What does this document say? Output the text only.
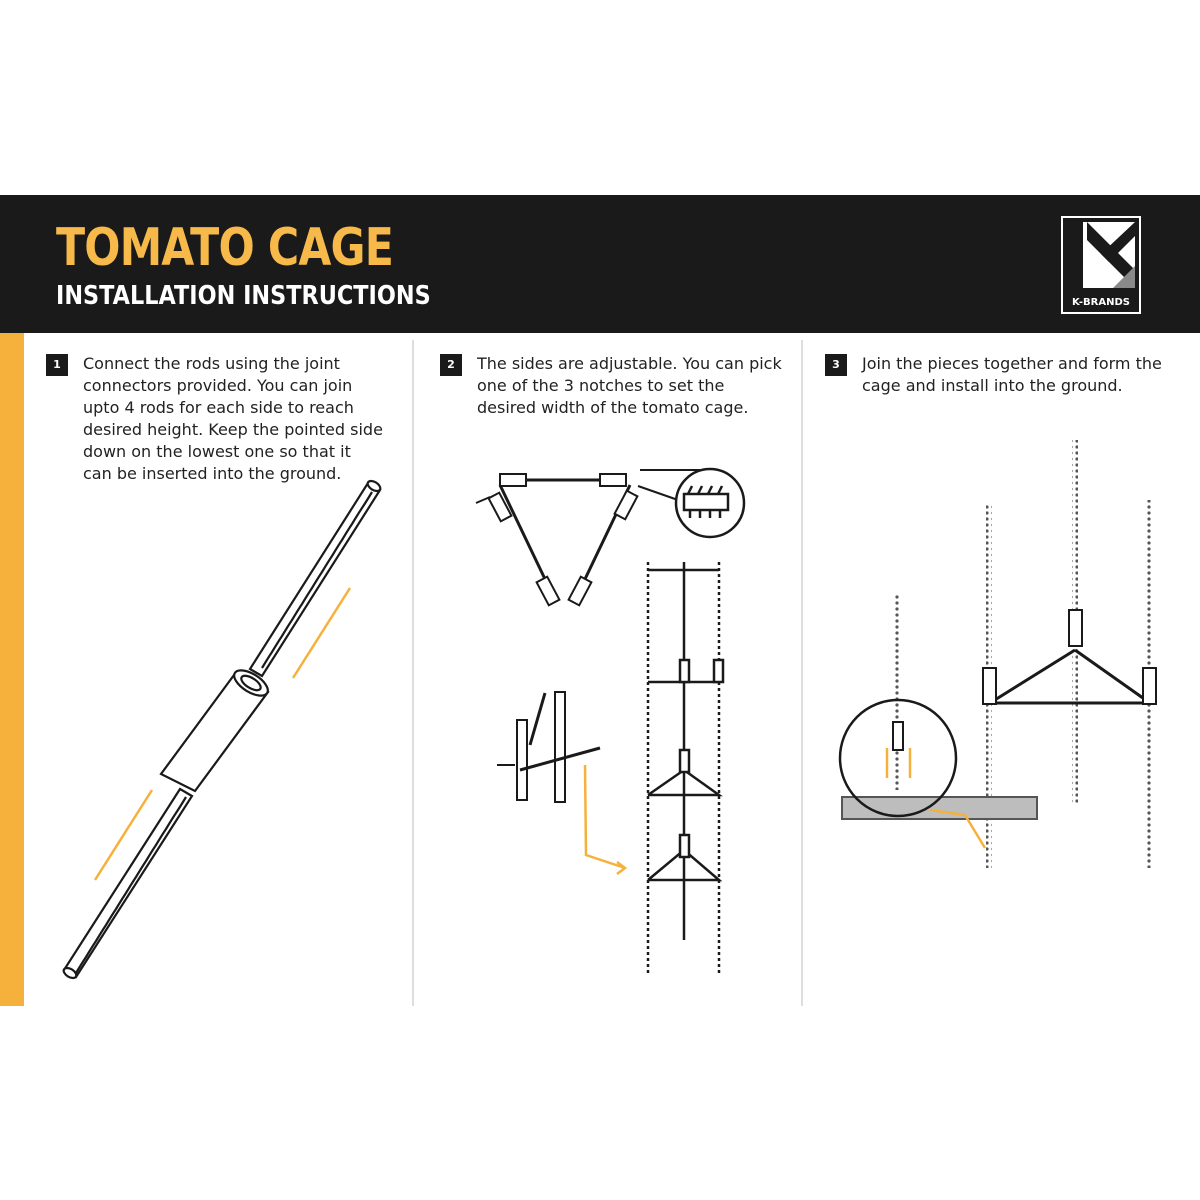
TOMATO CAGE
INSTALLATION INSTRUCTIONS	K-BRANDS
1	Connect the rods using the joint connectors provided. You can join upto 4 rods for each side to reach desired height. Keep the pointed side down on the lowest one so that it can be inserted into the ground.

2	The sides are adjustable. You can pick one of the 3 notches to set the desired width of the tomato cage.

3	Join the pieces together and form the cage and install into the ground.
